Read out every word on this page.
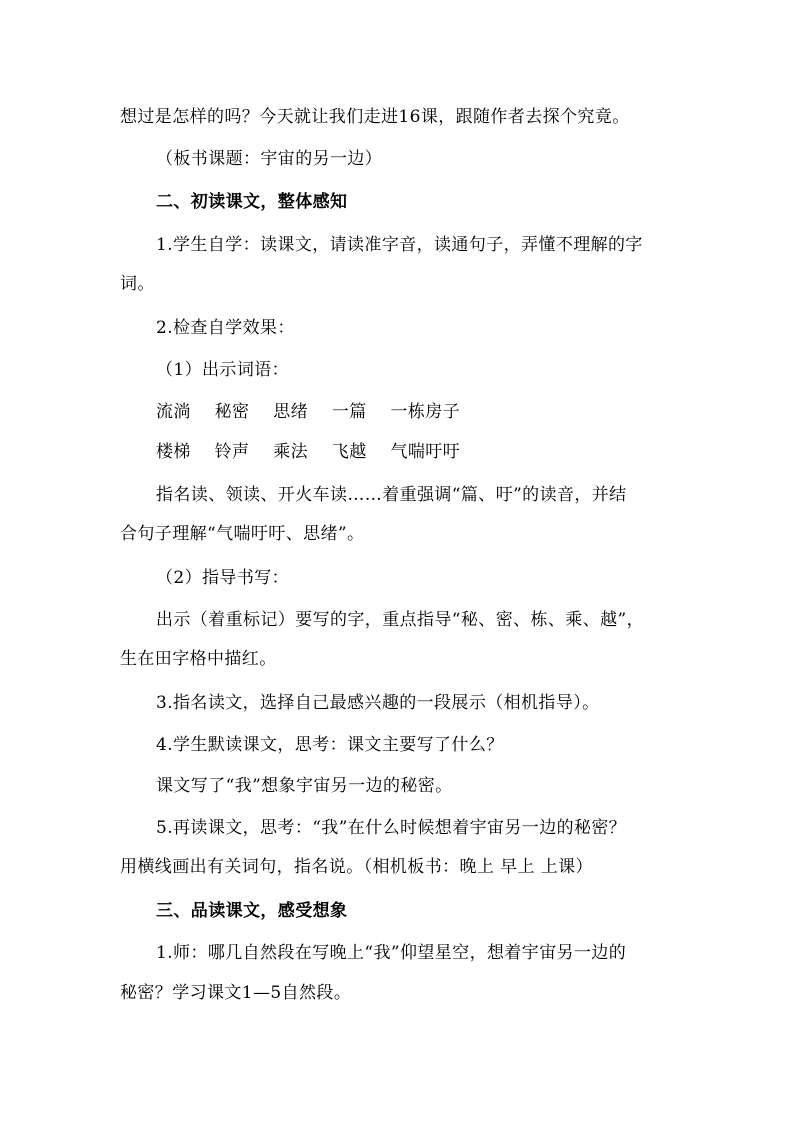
想过是怎样的吗？今天就让我们走进16课，跟随作者去探个究竟。
（板书课题：宇宙的另一边）
二、初读课文，整体感知
1.学生自学：读课文，请读准字音，读通句子，弄懂不理解的字
词。
2.检查自学效果：
（1）出示词语：
流淌 秘密 思绪 一篇 一栋房子
楼梯 铃声 乘法 飞越 气喘吁吁
指名读、领读、开火车读……着重强调“篇、吁”的读音，并结
合句子理解“气喘吁吁、思绪”。
（2）指导书写：
出示（着重标记）要写的字，重点指导“秘、密、栋、乘、越”，
生在田字格中描红。
3.指名读文，选择自己最感兴趣的一段展示（相机指导）。
4.学生默读课文，思考：课文主要写了什么？
课文写了“我”想象宇宙另一边的秘密。
5.再读课文，思考：“我”在什么时候想着宇宙另一边的秘密？
用横线画出有关词句，指名说。（相机板书：晚上 早上 上课）
三、品读课文，感受想象
1.师：哪几自然段在写晚上“我”仰望星空，想着宇宙另一边的
秘密？学习课文1—5自然段。
